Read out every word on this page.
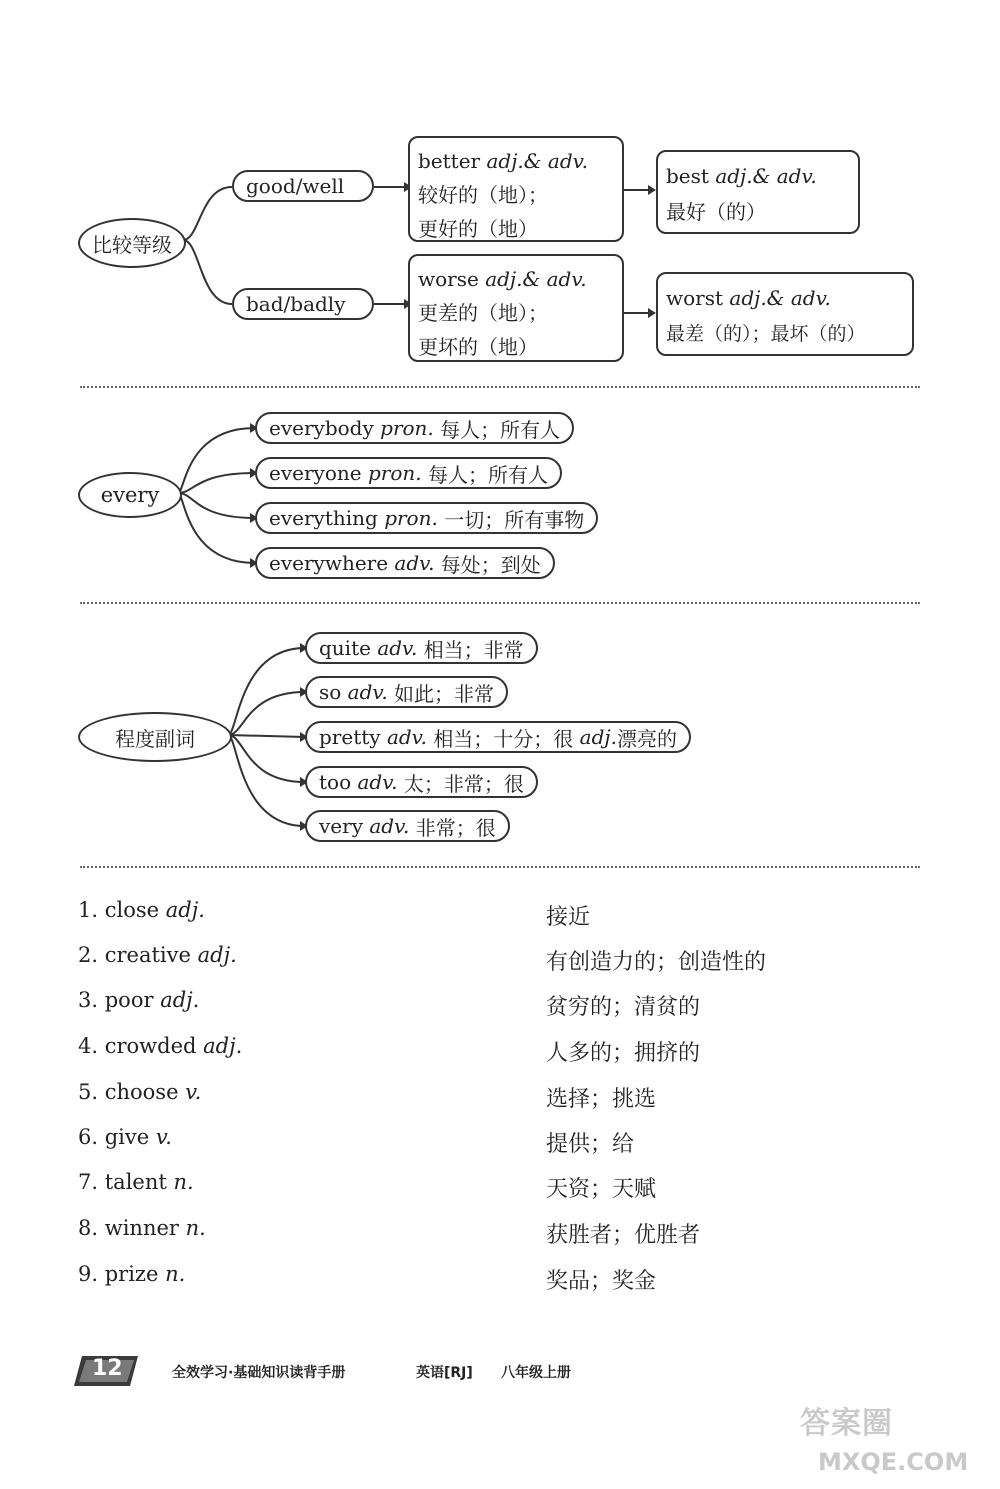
比较等级
good/well
bad/badly
better adj.& adv.
较好的（地）；
更好的（地）
worse adj.& adv.
更差的（地）；
更坏的（地）
best adj.& adv.
最好（的）
worst adj.& adv.
最差（的）；最坏（的）
every
everybody
pron.
每人；所有人
everyone
pron.
每人；所有人
everything
pron.
一切；所有事物
everywhere
adv.
每处；到处
程度副词
quite
adv.
相当；非常
so
adv.
如此；非常
pretty
adv.
相当；十分；很
adj. 漂亮的
too
adv.
太；非常；很
very
adv.
非常；很
1. close adj.	接近
2. creative adj.	有创造力的；创造性的
3. poor adj.	贫穷的；清贫的
4. crowded adj.	人多的；拥挤的
5. choose v.	选择；挑选
6. give v.	提供；给
7. talent n.	天资；天赋
8. winner n.	获胜者；优胜者
9. prize n.	奖品；奖金
12	全效学习·基础知识读背手册	英语[RJ] 八年级上册
答案圈
MXQE.COM
